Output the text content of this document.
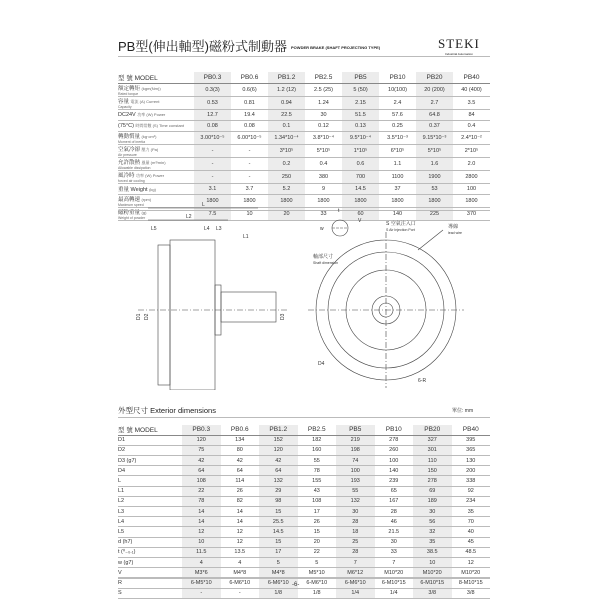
PB型(伸出軸型)磁粉式制動器 POWDER BRAKE (SHAFT PROJECTING TYPE)	STEKI
Industrial Automation
型 號 MODEL	PB0.3	PB0.6	PB1.2	PB2.5	PB5	PB10	PB20	PB40
額定轉矩 (kgm(Nm))
Rated torque	0.3(3)	0.6(6)	1.2 (12)	2.5 (25)	5 (50)	10(100)	20 (200)	40 (400)
容量 電流 (A) Current
Capacity	0.53	0.81	0.94	1.24	2.15	2.4	2.7	3.5
DC24V 功率 (W) Power	12.7	19.4	22.5	30	51.5	57.6	64.8	84
(75°C) 時間常數 (S) Time constant	0.08	0.08	0.1	0.12	0.13	0.25	0.37	0.4
轉動慣量 (kg·cm²)
Moment of inertia	3.00*10⁻⁵	6.00*10⁻⁵	1.34*10⁻⁴	3.8*10⁻⁴	9.5*10⁻⁴	3.5*10⁻³	9.15*10⁻³	2.4*10⁻²
空氣冷卻 壓力 (Pa)
Air pressure	-	-	3*10⁵	5*10⁵	1*10⁵	6*10⁵	5*10⁵	2*10⁵
允許散熱 風量 (m³/min)
Allowable dissipation	-	-	0.2	0.4	0.6	1.1	1.6	2.0
風冷時 功率 (W) Power
forced air cooling	-	-	250	380	700	1100	1900	2800
重量 Weight (kg)	3.1	3.7	5.2	9	14.5	37	53	100
最高轉速 (rpm)
Maximum speed	1800	1800	1800	1800	1800	1800	1800	1800
磁粉重量 (g)
Weight of powder	7.5	10	20	33	60	140	225	370
L
L2
L5	L4 L3
L1
D1 D2	D3
t
w
V
軸部尺寸
Shaft dimension
S 空氣注入口
S Air Injection Port	導線
lead wire
D4
6-R
外型尺寸 Exterior dimensions	單位: mm
型 號 MODEL	PB0.3	PB0.6	PB1.2	PB2.5	PB5	PB10	PB20	PB40
D1	120	134	152	182	219	278	327	395
D2	75	80	120	160	198	260	301	365
D3 (g7)	42	42	42	55	74	100	110	130
D4	64	64	64	78	100	140	150	200
L	108	114	132	155	193	239	278	338
L1	22	26	29	43	55	65	69	92
L2	78	82	98	108	132	167	189	234
L3	14	14	15	17	30	28	30	35
L4	14	14	25.5	26	28	46	56	70
L5	12	12	14.5	15	18	21.5	32	40
d (h7)	10	12	15	20	25	30	35	45
t (⁰₋₀.₁)	11.5	13.5	17	22	28	33	38.5	48.5
w (g7)	4	4	5	5	7	7	10	12
V	M3*6	M4*8	M4*8	M5*10	M6*12	M10*20	M10*20	M10*20
R	6-M5*10	6-M6*10	6-M6*10	6-M6*10	6-M6*10	6-M10*15	6-M10*15	8-M10*15
S	-	-	1/8	1/8	1/4	1/4	3/8	3/8
-6-
